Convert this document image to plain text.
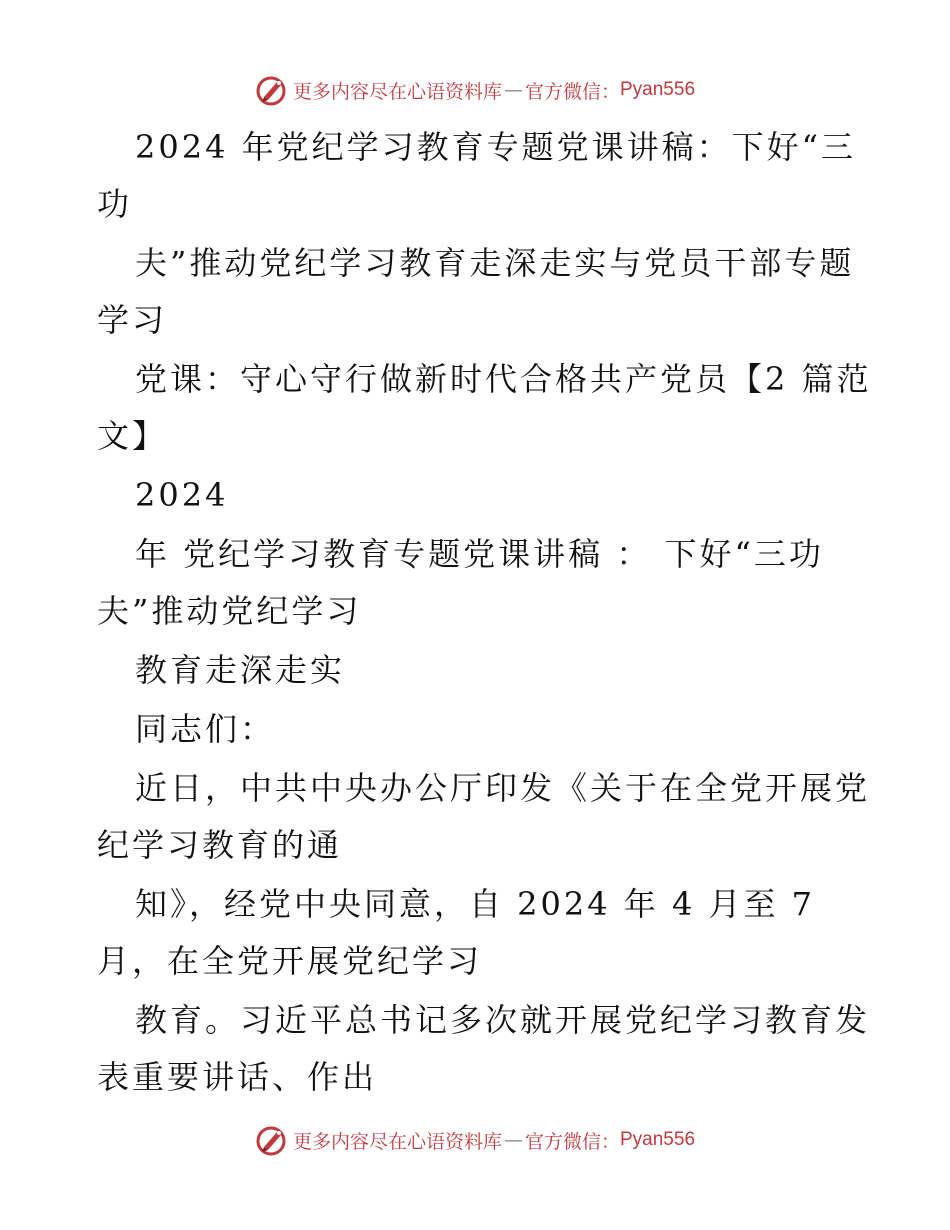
更多内容尽在心语资料库 — 官方微信： Pyan556

2024 年党纪学习教育专题党课讲稿：下好“三

功

夫”推动党纪学习教育走深走实与党员干部专题

学习

党课：守心守行做新时代合格共产党员【2 篇范

文】

2024

年 党纪学习教育专题党课讲稿 ： 下好“三功

夫”推动党纪学习

教育走深走实

同志们：

近日，中共中央办公厅印发《关于在全党开展党

纪学习教育的通

知》，经党中央同意，自 2024 年 4 月至 7

月，在全党开展党纪学习

教育。习近平总书记多次就开展党纪学习教育发

表重要讲话、作出

更多内容尽在心语资料库 — 官方微信： Pyan556
